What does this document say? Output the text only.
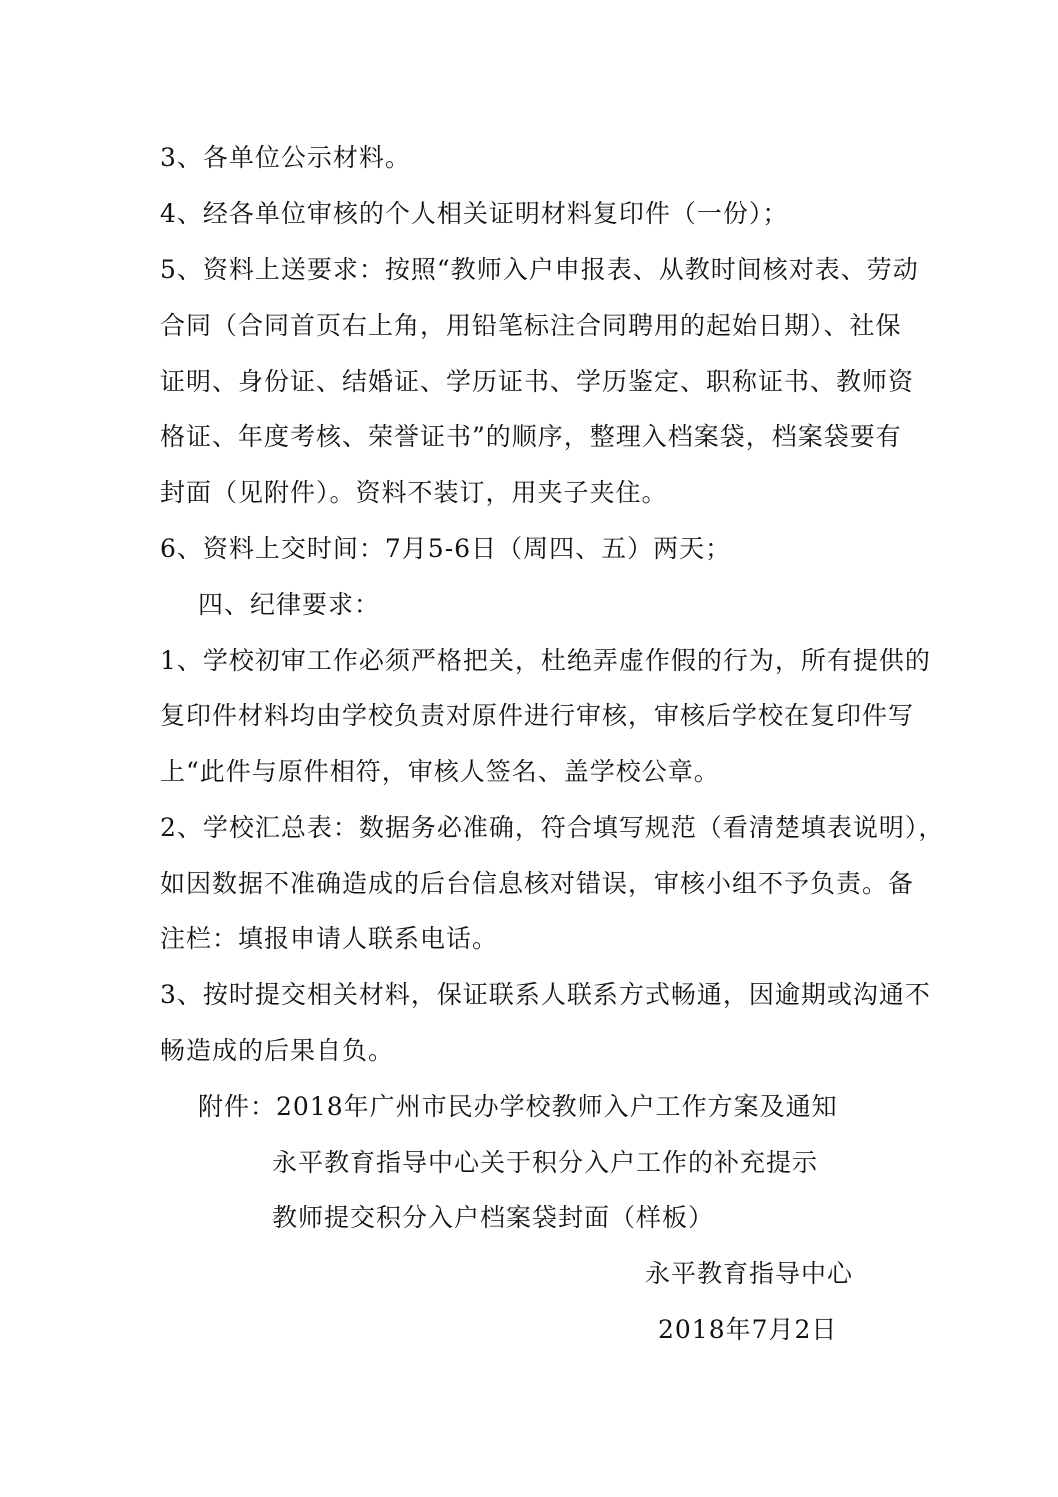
3、各单位公示材料。
4、经各单位审核的个人相关证明材料复印件（一份）；
5、资料上送要求：按照“教师入户申报表、从教时间核对表、劳动
合同（合同首页右上角，用铅笔标注合同聘用的起始日期）、社保
证明、身份证、结婚证、学历证书、学历鉴定、职称证书、教师资
格证、年度考核、荣誉证书”的顺序，整理入档案袋，档案袋要有
封面（见附件）。资料不装订，用夹子夹住。
6、资料上交时间：7月5-6日（周四、五）两天；
四、纪律要求：
1、学校初审工作必须严格把关，杜绝弄虚作假的行为，所有提供的
复印件材料均由学校负责对原件进行审核，审核后学校在复印件写
上“此件与原件相符，审核人签名、盖学校公章。
2、学校汇总表：数据务必准确，符合填写规范（看清楚填表说明），
如因数据不准确造成的后台信息核对错误，审核小组不予负责。备
注栏：填报申请人联系电话。
3、按时提交相关材料，保证联系人联系方式畅通，因逾期或沟通不
畅造成的后果自负。
附件：2018年广州市民办学校教师入户工作方案及通知
永平教育指导中心关于积分入户工作的补充提示
教师提交积分入户档案袋封面（样板）
永平教育指导中心
2018年7月2日
